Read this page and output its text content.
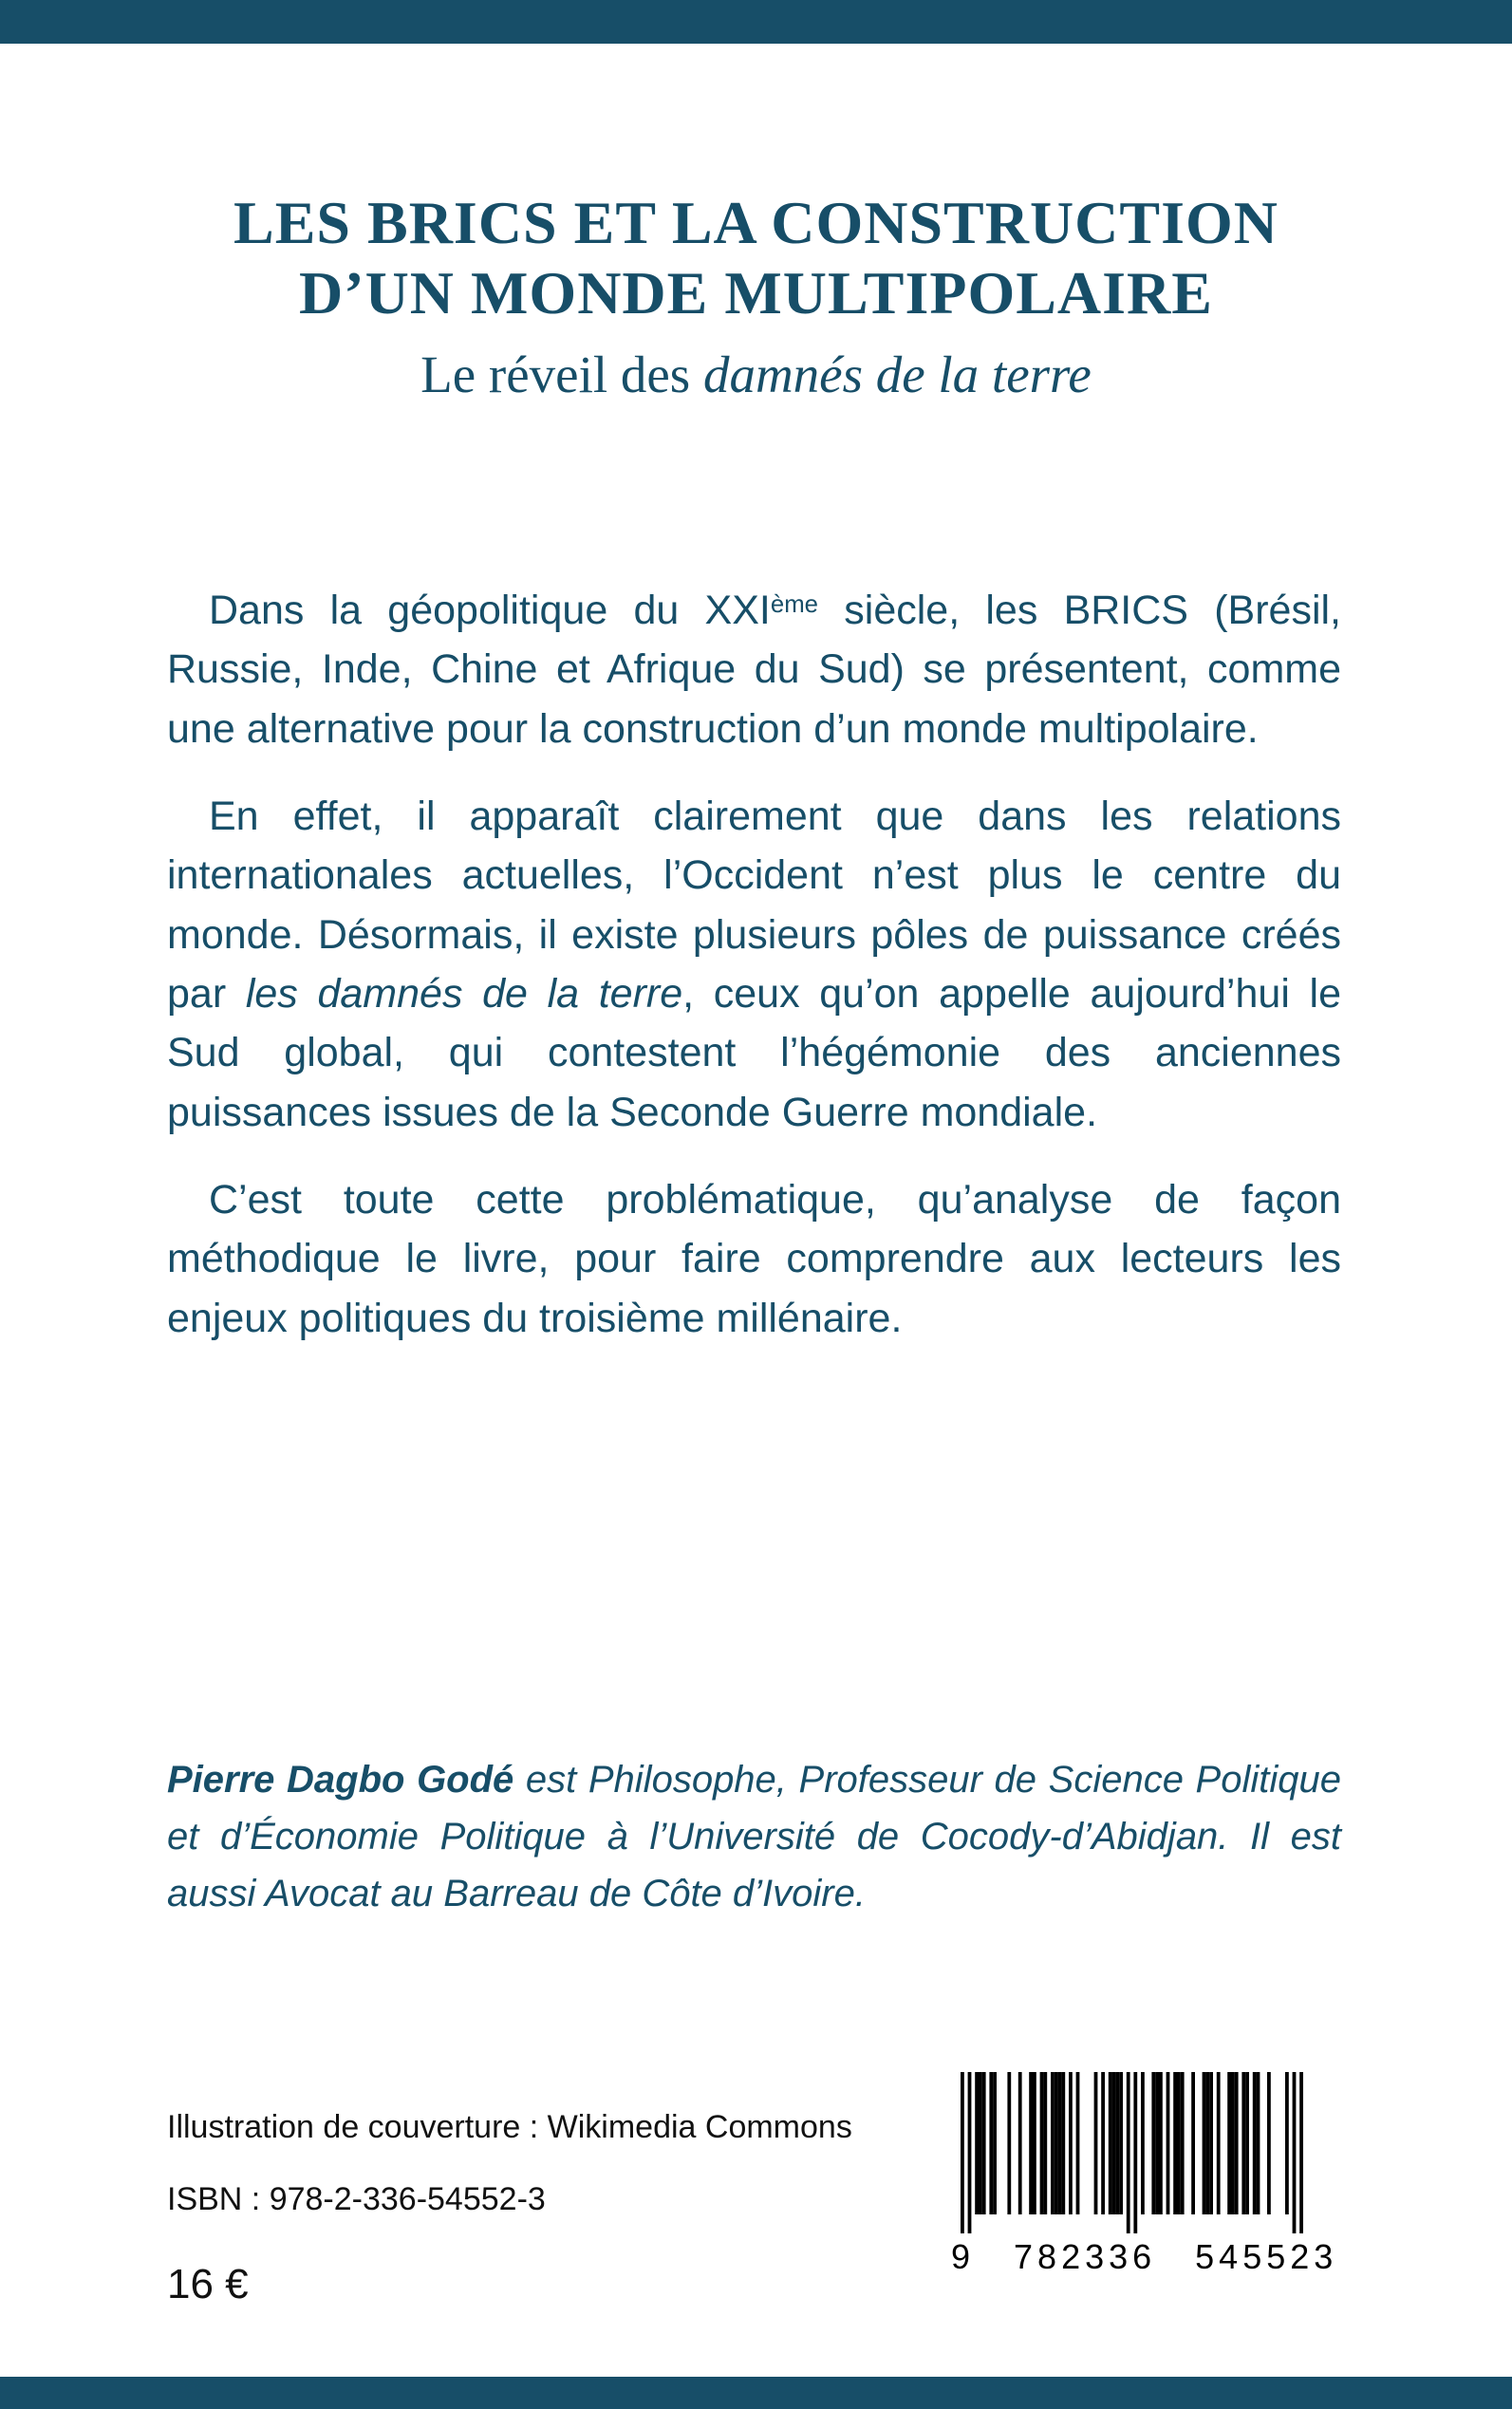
LES BRICS ET LA CONSTRUCTION
D’UN MONDE MULTIPOLAIRE
Le réveil des damnés de la terre

Dans la géopolitique du XXIème siècle, les BRICS (Brésil, Russie, Inde, Chine et Afrique du Sud) se présentent, comme une alternative pour la construction d’un monde multipolaire.

En effet, il apparaît clairement que dans les relations internationales actuelles, l’Occident n’est plus le centre du monde. Désormais, il existe plusieurs pôles de puissance créés par les damnés de la terre, ceux qu’on appelle aujourd’hui le Sud global, qui contestent l’hégémonie des anciennes puissances issues de la Seconde Guerre mondiale.

C’est toute cette problématique, qu’analyse de façon méthodique le livre, pour faire comprendre aux lecteurs les enjeux politiques du troisième millénaire.

Pierre Dagbo Godé est Philosophe, Professeur de Science Politique et d’Économie Politique à l’Université de Cocody-d’Abidjan. Il est aussi Avocat au Barreau de Côte d’Ivoire.
Illustration de couverture : Wikimedia Commons
ISBN : 978-2-336-54552-3
16 €
9 782336 545523
